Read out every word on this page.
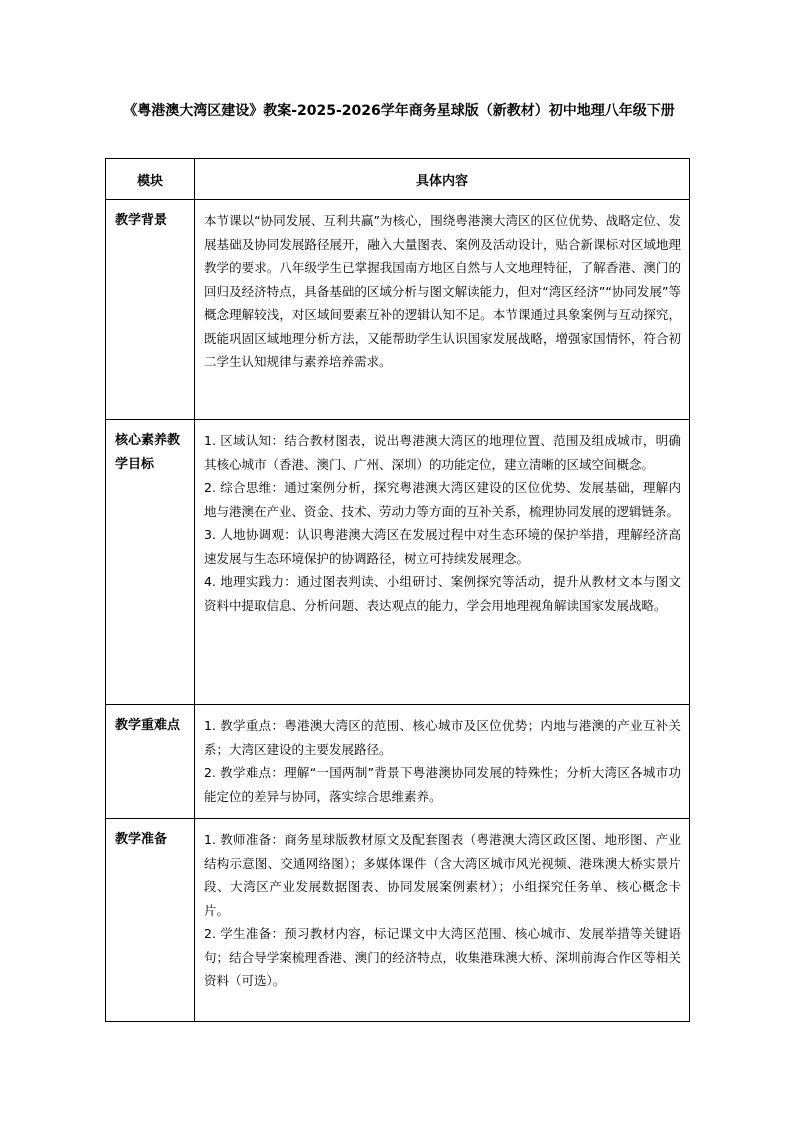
《粤港澳大湾区建设》教案-2025-2026学年商务星球版（新教材）初中地理八年级下册
模块	具体内容
教学背景	本节课以“协同发展、互利共赢”为核心，围绕粤港澳大湾区的区位优势、战略定位、发展基础及协同发展路径展开，融入大量图表、案例及活动设计，贴合新课标对区域地理教学的要求。八年级学生已掌握我国南方地区自然与人文地理特征，了解香港、澳门的回归及经济特点，具备基础的区域分析与图文解读能力，但对“湾区经济”“协同发展”等概念理解较浅，对区域间要素互补的逻辑认知不足。本节课通过具象案例与互动探究，既能巩固区域地理分析方法，又能帮助学生认识国家发展战略，增强家国情怀，符合初二学生认知规律与素养培养需求。

核心素养教学目标	1. 区域认知：结合教材图表，说出粤港澳大湾区的地理位置、范围及组成城市，明确其核心城市（香港、澳门、广州、深圳）的功能定位，建立清晰的区域空间概念。

2. 综合思维：通过案例分析，探究粤港澳大湾区建设的区位优势、发展基础，理解内地与港澳在产业、资金、技术、劳动力等方面的互补关系，梳理协同发展的逻辑链条。

3. 人地协调观：认识粤港澳大湾区在发展过程中对生态环境的保护举措，理解经济高速发展与生态环境保护的协调路径，树立可持续发展理念。

4. 地理实践力：通过图表判读、小组研讨、案例探究等活动，提升从教材文本与图文资料中提取信息、分析问题、表达观点的能力，学会用地理视角解读国家发展战略。

教学重难点	1. 教学重点：粤港澳大湾区的范围、核心城市及区位优势；内地与港澳的产业互补关系；大湾区建设的主要发展路径。

2. 教学难点：理解“一国两制”背景下粤港澳协同发展的特殊性；分析大湾区各城市功能定位的差异与协同，落实综合思维素养。

教学准备	1. 教师准备：商务星球版教材原文及配套图表（粤港澳大湾区政区图、地形图、产业结构示意图、交通网络图）；多媒体课件（含大湾区城市风光视频、港珠澳大桥实景片段、大湾区产业发展数据图表、协同发展案例素材）；小组探究任务单、核心概念卡片。

2. 学生准备：预习教材内容，标记课文中大湾区范围、核心城市、发展举措等关键语句；结合导学案梳理香港、澳门的经济特点，收集港珠澳大桥、深圳前海合作区等相关资料（可选）。
